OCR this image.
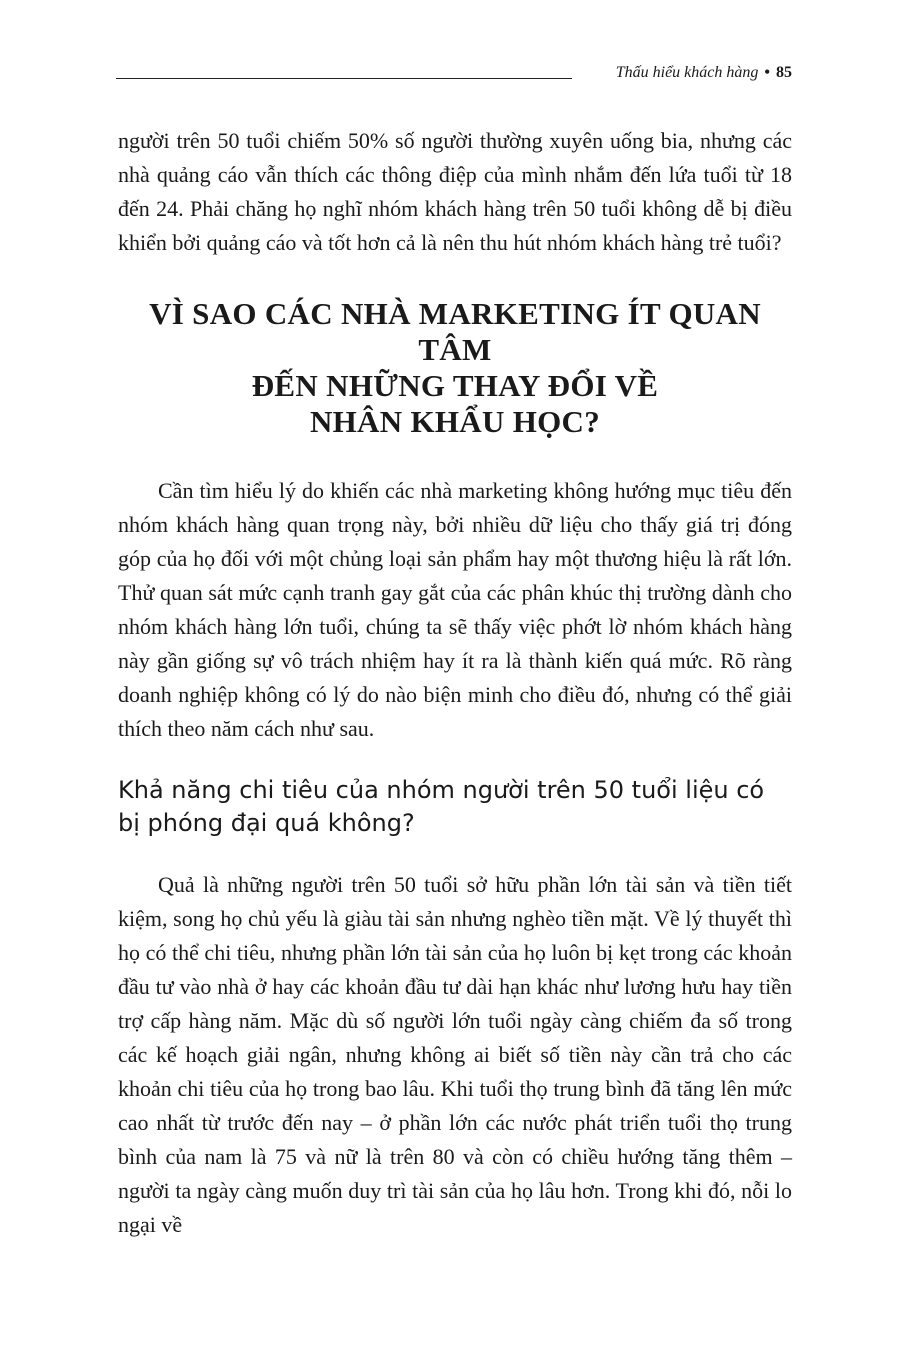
Thấu hiểu khách hàng • 85

người trên 50 tuổi chiếm 50% số người thường xuyên uống bia, nhưng các nhà quảng cáo vẫn thích các thông điệp của mình nhắm đến lứa tuổi từ 18 đến 24. Phải chăng họ nghĩ nhóm khách hàng trên 50 tuổi không dễ bị điều khiển bởi quảng cáo và tốt hơn cả là nên thu hút nhóm khách hàng trẻ tuổi?

VÌ SAO CÁC NHÀ MARKETING ÍT QUAN TÂM
ĐẾN NHỮNG THAY ĐỔI VỀ
NHÂN KHẨU HỌC?

Cần tìm hiểu lý do khiến các nhà marketing không hướng mục tiêu đến nhóm khách hàng quan trọng này, bởi nhiều dữ liệu cho thấy giá trị đóng góp của họ đối với một chủng loại sản phẩm hay một thương hiệu là rất lớn. Thử quan sát mức cạnh tranh gay gắt của các phân khúc thị trường dành cho nhóm khách hàng lớn tuổi, chúng ta sẽ thấy việc phớt lờ nhóm khách hàng này gần giống sự vô trách nhiệm hay ít ra là thành kiến quá mức. Rõ ràng doanh nghiệp không có lý do nào biện minh cho điều đó, nhưng có thể giải thích theo năm cách như sau.

Khả năng chi tiêu của nhóm người trên 50 tuổi liệu có
bị phóng đại quá không?

Quả là những người trên 50 tuổi sở hữu phần lớn tài sản và tiền tiết kiệm, song họ chủ yếu là giàu tài sản nhưng nghèo tiền mặt. Về lý thuyết thì họ có thể chi tiêu, nhưng phần lớn tài sản của họ luôn bị kẹt trong các khoản đầu tư vào nhà ở hay các khoản đầu tư dài hạn khác như lương hưu hay tiền trợ cấp hàng năm. Mặc dù số người lớn tuổi ngày càng chiếm đa số trong các kế hoạch giải ngân, nhưng không ai biết số tiền này cần trả cho các khoản chi tiêu của họ trong bao lâu. Khi tuổi thọ trung bình đã tăng lên mức cao nhất từ trước đến nay – ở phần lớn các nước phát triển tuổi thọ trung bình của nam là 75 và nữ là trên 80 và còn có chiều hướng tăng thêm – người ta ngày càng muốn duy trì tài sản của họ lâu hơn. Trong khi đó, nỗi lo ngại về
